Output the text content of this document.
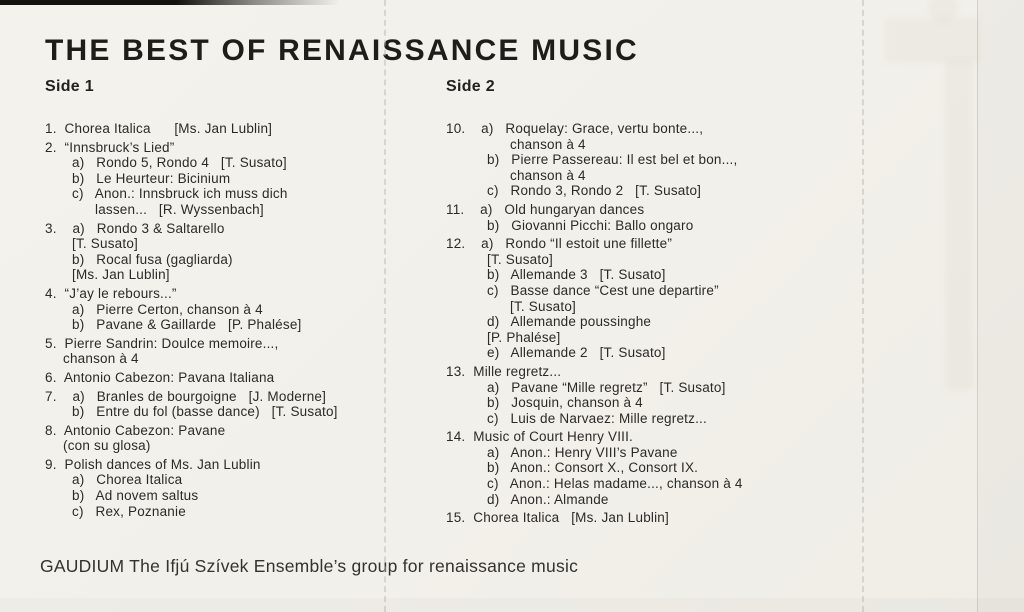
THE BEST OF RENAISSANCE MUSIC
Side 1
1.  Chorea Italica      [Ms. Jan Lublin]
2.  “Innsbruck’s Lied”
a)   Rondo 5, Rondo 4   [T. Susato]
b)   Le Heurteur: Bicinium
c)   Anon.: Innsbruck ich muss dich
lassen...   [R. Wyssenbach]
3.    a)   Rondo 3 & Saltarello
[T. Susato]
b)   Rocal fusa (gagliarda)
[Ms. Jan Lublin]
4.  “J’ay le rebours...”
a)   Pierre Certon, chanson à 4
b)   Pavane & Gaillarde   [P. Phalése]
5.  Pierre Sandrin: Doulce memoire...,
chanson à 4
6.  Antonio Cabezon: Pavana Italiana
7.    a)   Branles de bourgoigne   [J. Moderne]
b)   Entre du fol (basse dance)   [T. Susato]
8.  Antonio Cabezon: Pavane
(con su glosa)
9.  Polish dances of Ms. Jan Lublin
a)   Chorea Italica
b)   Ad novem saltus
c)   Rex, Poznanie
Side 2
10.    a)   Roquelay: Grace, vertu bonte...,
chanson à 4
b)   Pierre Passereau: Il est bel et bon...,
chanson à 4
c)   Rondo 3, Rondo 2   [T. Susato]
11.    a)   Old hungaryan dances
b)   Giovanni Picchi: Ballo ongaro
12.    a)   Rondo “Il estoit une fillette”
[T. Susato]
b)   Allemande 3   [T. Susato]
c)   Basse dance “Cest une departire”
[T. Susato]
d)   Allemande poussinghe
[P. Phalése]
e)   Allemande 2   [T. Susato]
13.  Mille regretz...
a)   Pavane “Mille regretz”   [T. Susato]
b)   Josquin, chanson à 4
c)   Luis de Narvaez: Mille regretz...
14.  Music of Court Henry VIII.
a)   Anon.: Henry VIII’s Pavane
b)   Anon.: Consort X., Consort IX.
c)   Anon.: Helas madame..., chanson à 4
d)   Anon.: Almande
15.  Chorea Italica   [Ms. Jan Lublin]
GAUDIUM The Ifjú Szívek Ensemble’s group for renaissance music
